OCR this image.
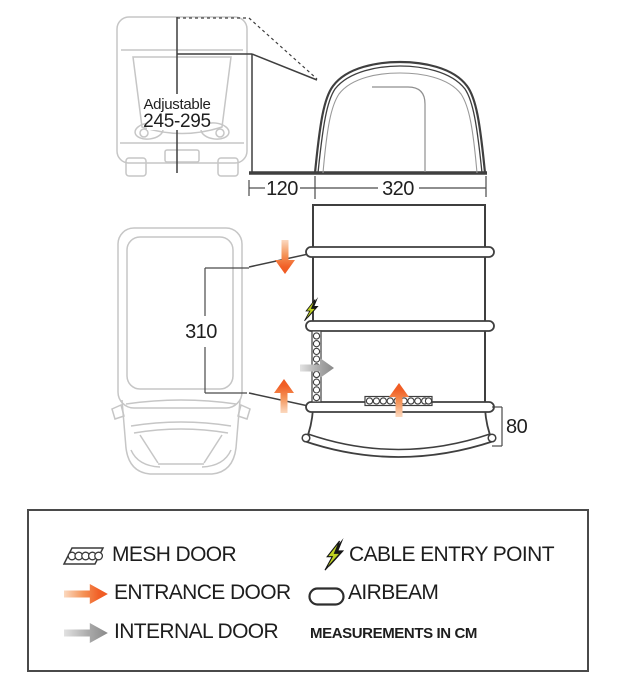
Adjustable
245-295
120	320
310
80
MESH DOOR	CABLE ENTRY POINT
ENTRANCE DOOR	AIRBEAM
INTERNAL DOOR MEASUREMENTS IN CM
